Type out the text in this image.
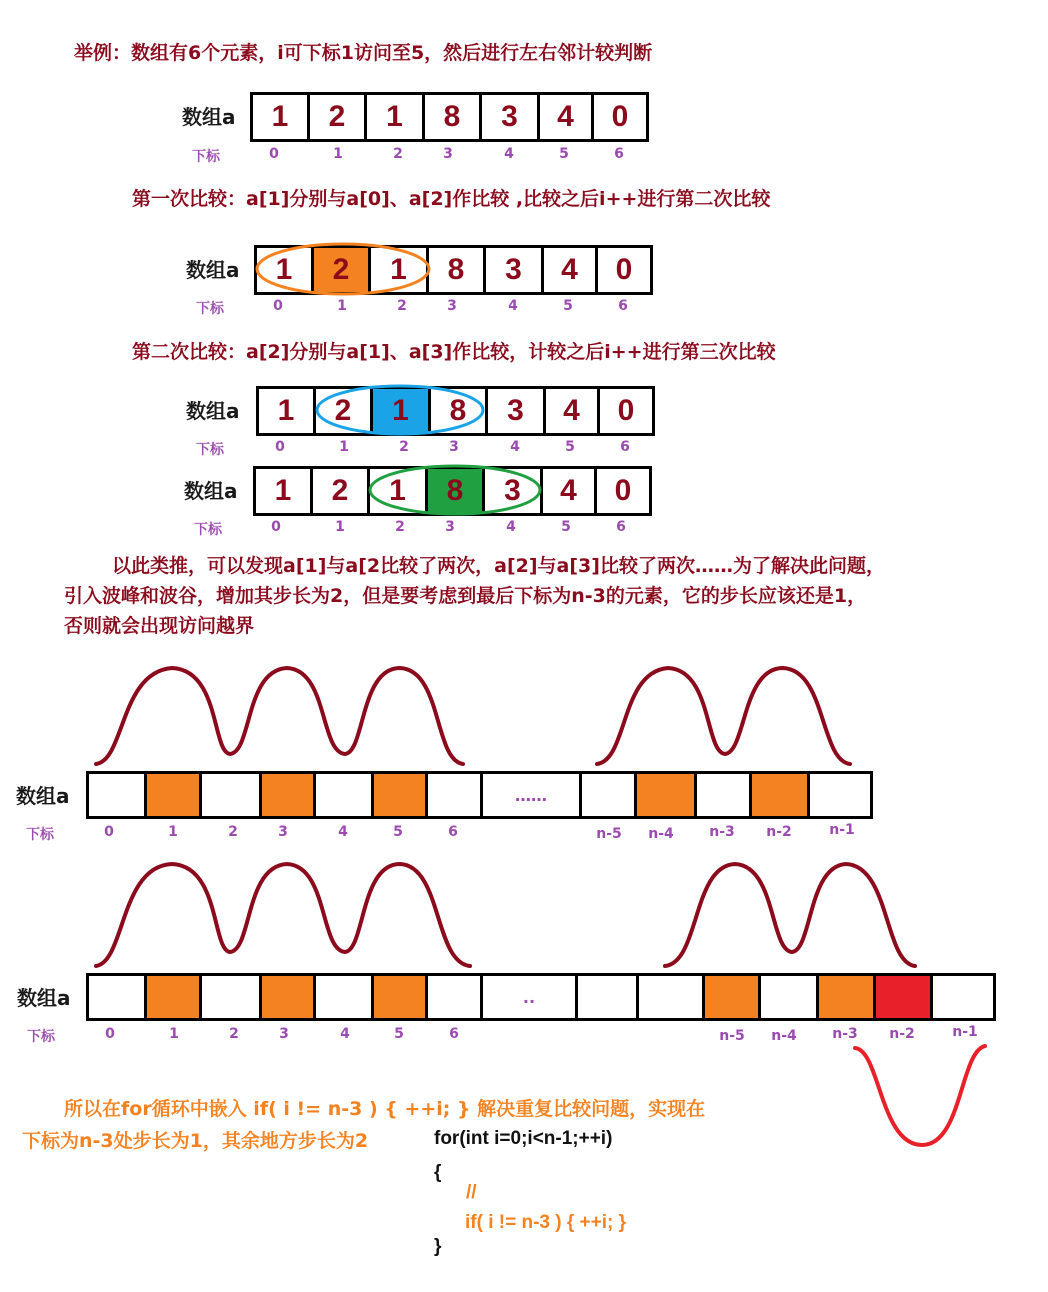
举例：数组有6个元素，i可下标1访问至5，然后进行左右邻计较判断
数组a
下标
1	2	1	8	3	4	0
0	1	2	3	4	5	6
第一次比较：a[1]分别与a[0]、a[2]作比较 ,比较之后i++进行第二次比较
数组a
下标
1	2	1	8	3	4	0
0	1	2	3	4	5	6
第二次比较：a[2]分别与a[1]、a[3]作比较，计较之后i++进行第三次比较
数组a
下标
1	2	1	8	3	4	0
0	1	2	3	4	5	6
数组a
下标
1	2	1	8	3	4	0
0	1	2	3	4	5	6
以此类推，可以发现a[1]与a[2比较了两次，a[2]与a[3]比较了两次……为了解决此问题，
引入波峰和波谷，增加其步长为2，但是要考虑到最后下标为n-3的元素，它的步长应该还是1，
否则就会出现访问越界
数组a
下标
……
0	1	2	3	4	5	6	n-5	n-4	n-3	n-2	n-1
数组a
下标
..
0	1	2	3	4	5	6	n-5	n-4	n-3	n-2	n-1
所以在for循环中嵌入 if( i != n-3 ) { ++i; } 解决重复比较问题，实现在
下标为n-3处步长为1，其余地方步长为2	for(int i=0;i<n-1;++i)
{
//
if( i != n-3 ) { ++i; }
}
